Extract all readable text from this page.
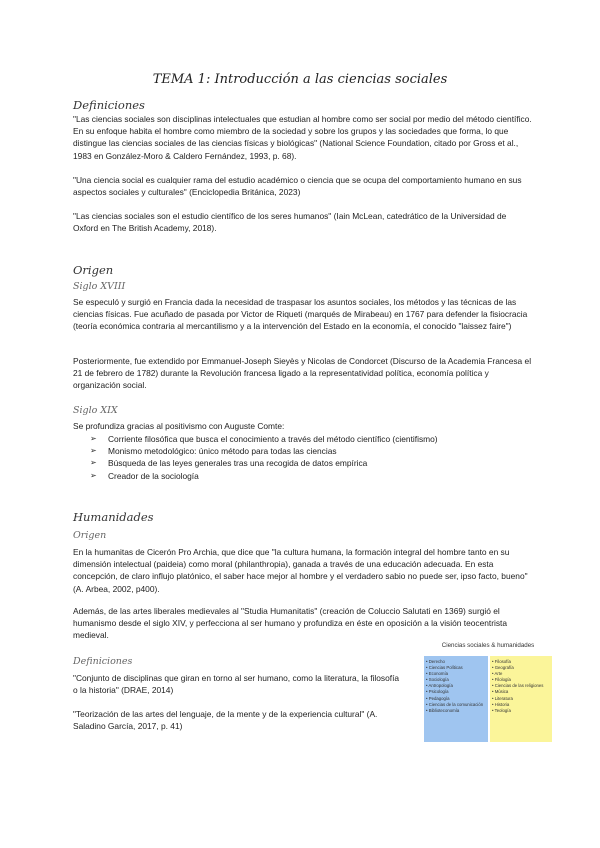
TEMA 1: Introducción a las ciencias sociales
Definiciones

"Las ciencias sociales son disciplinas intelectuales que estudian al hombre como ser social por medio del método científico. En su enfoque habita el hombre como miembro de la sociedad y sobre los grupos y las sociedades que forma, lo que distingue las ciencias sociales de las ciencias físicas y biológicas" (National Science Foundation, citado por Gross et al., 1983 en González-Moro & Caldero Fernández, 1993, p. 68).

"Una ciencia social es cualquier rama del estudio académico o ciencia que se ocupa del comportamiento humano en sus aspectos sociales y culturales" (Enciclopedia Británica, 2023)

"Las ciencias sociales son el estudio científico de los seres humanos" (Iain McLean, catedrático de la Universidad de Oxford en The British Academy, 2018).

Origen
Siglo XVIII

Se especuló y surgió en Francia dada la necesidad de traspasar los asuntos sociales, los métodos y las técnicas de las ciencias físicas. Fue acuñado de pasada por Victor de Riqueti (marqués de Mirabeau) en 1767 para defender la fisiocracia (teoría económica contraria al mercantilismo y a la intervención del Estado en la economía, el conocido "laissez faire")

Posteriormente, fue extendido por Emmanuel-Joseph Sieyès y Nicolas de Condorcet (Discurso de la Academia Francesa el 21 de febrero de 1782) durante la Revolución francesa ligado a la representatividad política, economía política y organización social.

Siglo XIX

Se profundiza gracias al positivismo con Auguste Comte:

➢ Corriente filosófica que busca el conocimiento a través del método científico (cientifismo)
➢ Monismo metodológico: único método para todas las ciencias
➢ Búsqueda de las leyes generales tras una recogida de datos empírica
➢ Creador de la sociología
Humanidades
Origen

En la humanitas de Cicerón Pro Archia, que dice que "la cultura humana, la formación integral del hombre tanto en su dimensión intelectual (paideia) como moral (philanthropia), ganada a través de una educación adecuada. En esta concepción, de claro influjo platónico, el saber hace mejor al hombre y el verdadero sabio no puede ser, ipso facto, bueno" (A. Arbea, 2002, p400).

Además, de las artes liberales medievales al "Studia Humanitatis" (creación de Coluccio Salutati en 1369) surgió el humanismo desde el siglo XIV, y perfecciona al ser humano y profundiza en éste en oposición a la visión teocentrista medieval.

Definiciones

"Conjunto de disciplinas que giran en torno al ser humano, como la literatura, la filosofía o la historia" (DRAE, 2014)

"Teorización de las artes del lenguaje, de la mente y de la experiencia cultural" (A. Saladino García, 2017, p. 41)

Ciencias sociales & humanidades
• Derecho
• Ciencias Políticas
• Economía
• Sociología
• Antropología
• Psicología
• Pedagogía
• Ciencias de la comunicación
• Biblioteconomía
• Filosofía
• Geografía
• Arte
• Filología
• Ciencias de las religiones
• Música
• Literatura
• Historia
• Teología
